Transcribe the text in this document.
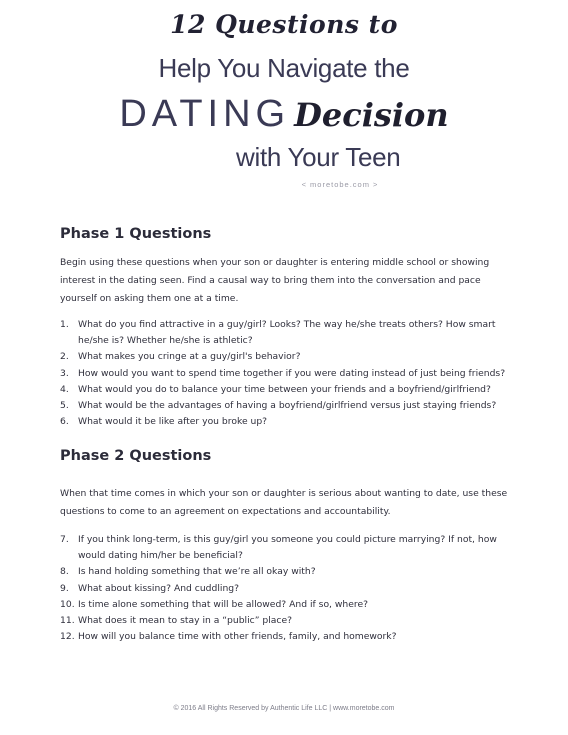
12 Questions to
Help You Navigate the
DATING Decision
with Your Teen
< moretobe.com >
Phase 1 Questions
Begin using these questions when your son or daughter is entering middle school or showing interest in the dating seen. Find a causal way to bring them into the conversation and pace yourself on asking them one at a time.
1.	What do you find attractive in a guy/girl? Looks? The way he/she treats others? How smart he/she is? Whether he/she is athletic?
2.	What makes you cringe at a guy/girl's behavior?
3.	How would you want to spend time together if you were dating instead of just being friends?
4.	What would you do to balance your time between your friends and a boyfriend/girlfriend?
5.	What would be the advantages of having a boyfriend/girlfriend versus just staying friends?
6.	What would it be like after you broke up?
Phase 2 Questions
When that time comes in which your son or daughter is serious about wanting to date, use these questions to come to an agreement on expectations and accountability.
7.	If you think long-term, is this guy/girl you someone you could picture marrying? If not, how would dating him/her be beneficial?
8.	Is hand holding something that we’re all okay with?
9.	What about kissing? And cuddling?
10. Is time alone something that will be allowed? And if so, where?
11. What does it mean to stay in a “public” place?
12. How will you balance time with other friends, family, and homework?
© 2016 All Rights Reserved by Authentic Life LLC | www.moretobe.com
